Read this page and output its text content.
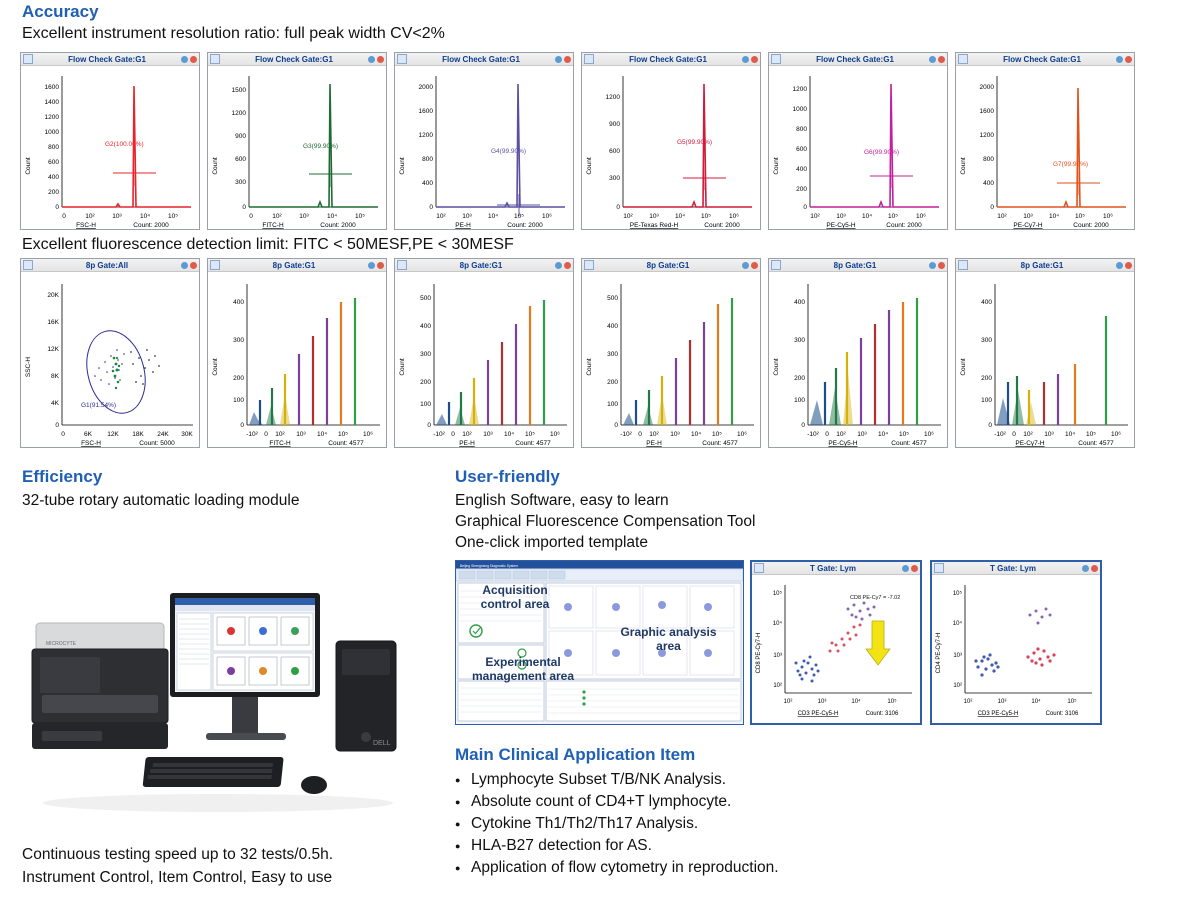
Accuracy
Excellent instrument resolution ratio: full peak width CV<2%
Flow Check Gate:G1
Count
1600
1400
1200
1000
800
600
400
200
0
0	10²	10³	10⁴	10⁵
FSC-H	Count: 2000
G2(100.00%)
Flow Check Gate:G1
Count
1500
1200
900
600
300
0
0	10²	10³	10⁴	10⁵
FITC-H	Count: 2000
G3(99.90%)
Flow Check Gate:G1
Count
2000
1600
1200
800
400
0
10²	10³	10⁴ 10⁵	10⁶
PE-H	Count: 2000
G4(99.90%)
Flow Check Gate:G1
Count
1200
900
600
300
0
10²	10³	10⁴ 10⁵	10⁶
PE-Texas Red-H	Count: 2000
G5(99.90%)
Flow Check Gate:G1
Count
1200
1000
800
600
400
200
0
10²	10³	10⁴ 10⁵	10⁶
PE-Cy5-H	Count: 2000
G6(99.90%)
Flow Check Gate:G1
Count
2000
1600
1200
800
400
0
10²	10³	10⁴ 10⁵	10⁶
PE-Cy7-H	Count: 2000
G7(99.90%)
Excellent fluorescence detection limit: FITC < 50MESF,PE < 30MESF
8p Gate:All
SSC-H
20K
16K
12K
8K
4K
0
0	6K 12K 18K 24K 30K
FSC-H	Count: 5000
G1(91.54%)
8p Gate:G1
Count
400
300
200
100
0
-10² 0 10² 10³ 10⁴ 10⁵ 10⁶
FITC-H	Count: 4577
8p Gate:G1
Count
500
400
300
200
100
0
-10² 0 10² 10³ 10⁴ 10⁵ 10⁶
PE-H	Count: 4577
8p Gate:G1
Count
500
400
300
200
100
0
-10² 0 10² 10³ 10⁴ 10⁵ 10⁶
PE-H	Count: 4577
8p Gate:G1
Count
400
300
200
100
0
-10² 0 10² 10³ 10⁴ 10⁵ 10⁶
PE-Cy5-H	Count: 4577
8p Gate:G1
Count
400
300
200
100
0
-10² 0 10² 10³ 10⁴ 10⁵ 10⁶
PE-Cy7-H	Count: 4577
Efficiency
32-tube rotary automatic loading module
User-friendly
English Software, easy to learn
Graphical Fluorescence Compensation Tool
One-click imported template
MICROCYTE
DELL
Beijing Shengxiang Diagnostic System
Acquisition
control area
Graphic analysis
area
Experimental
management area
T Gate: Lym
CD8 PE-Cy7-H
10⁵
10⁴
10³
10²
10²	10³	10⁴	10⁵
CD3 PE-Cy5-H	Count: 3106
CD8 PE-Cy7 = -7.02
T Gate: Lym
CD4 PE-Cy7-H
10⁵
10⁴
10³
10²
10²	10³	10⁴	10⁵
CD3 PE-Cy5-H	Count: 3106
Main Clinical Application Item
● Lymphocyte Subset T/B/NK Analysis.
● Absolute count of CD4+T lymphocyte.
● Cytokine Th1/Th2/Th17 Analysis.
● HLA-B27 detection for AS.
● Application of flow cytometry in reproduction.
Continuous testing speed up to 32 tests/0.5h.
Instrument Control, Item Control, Easy to use
